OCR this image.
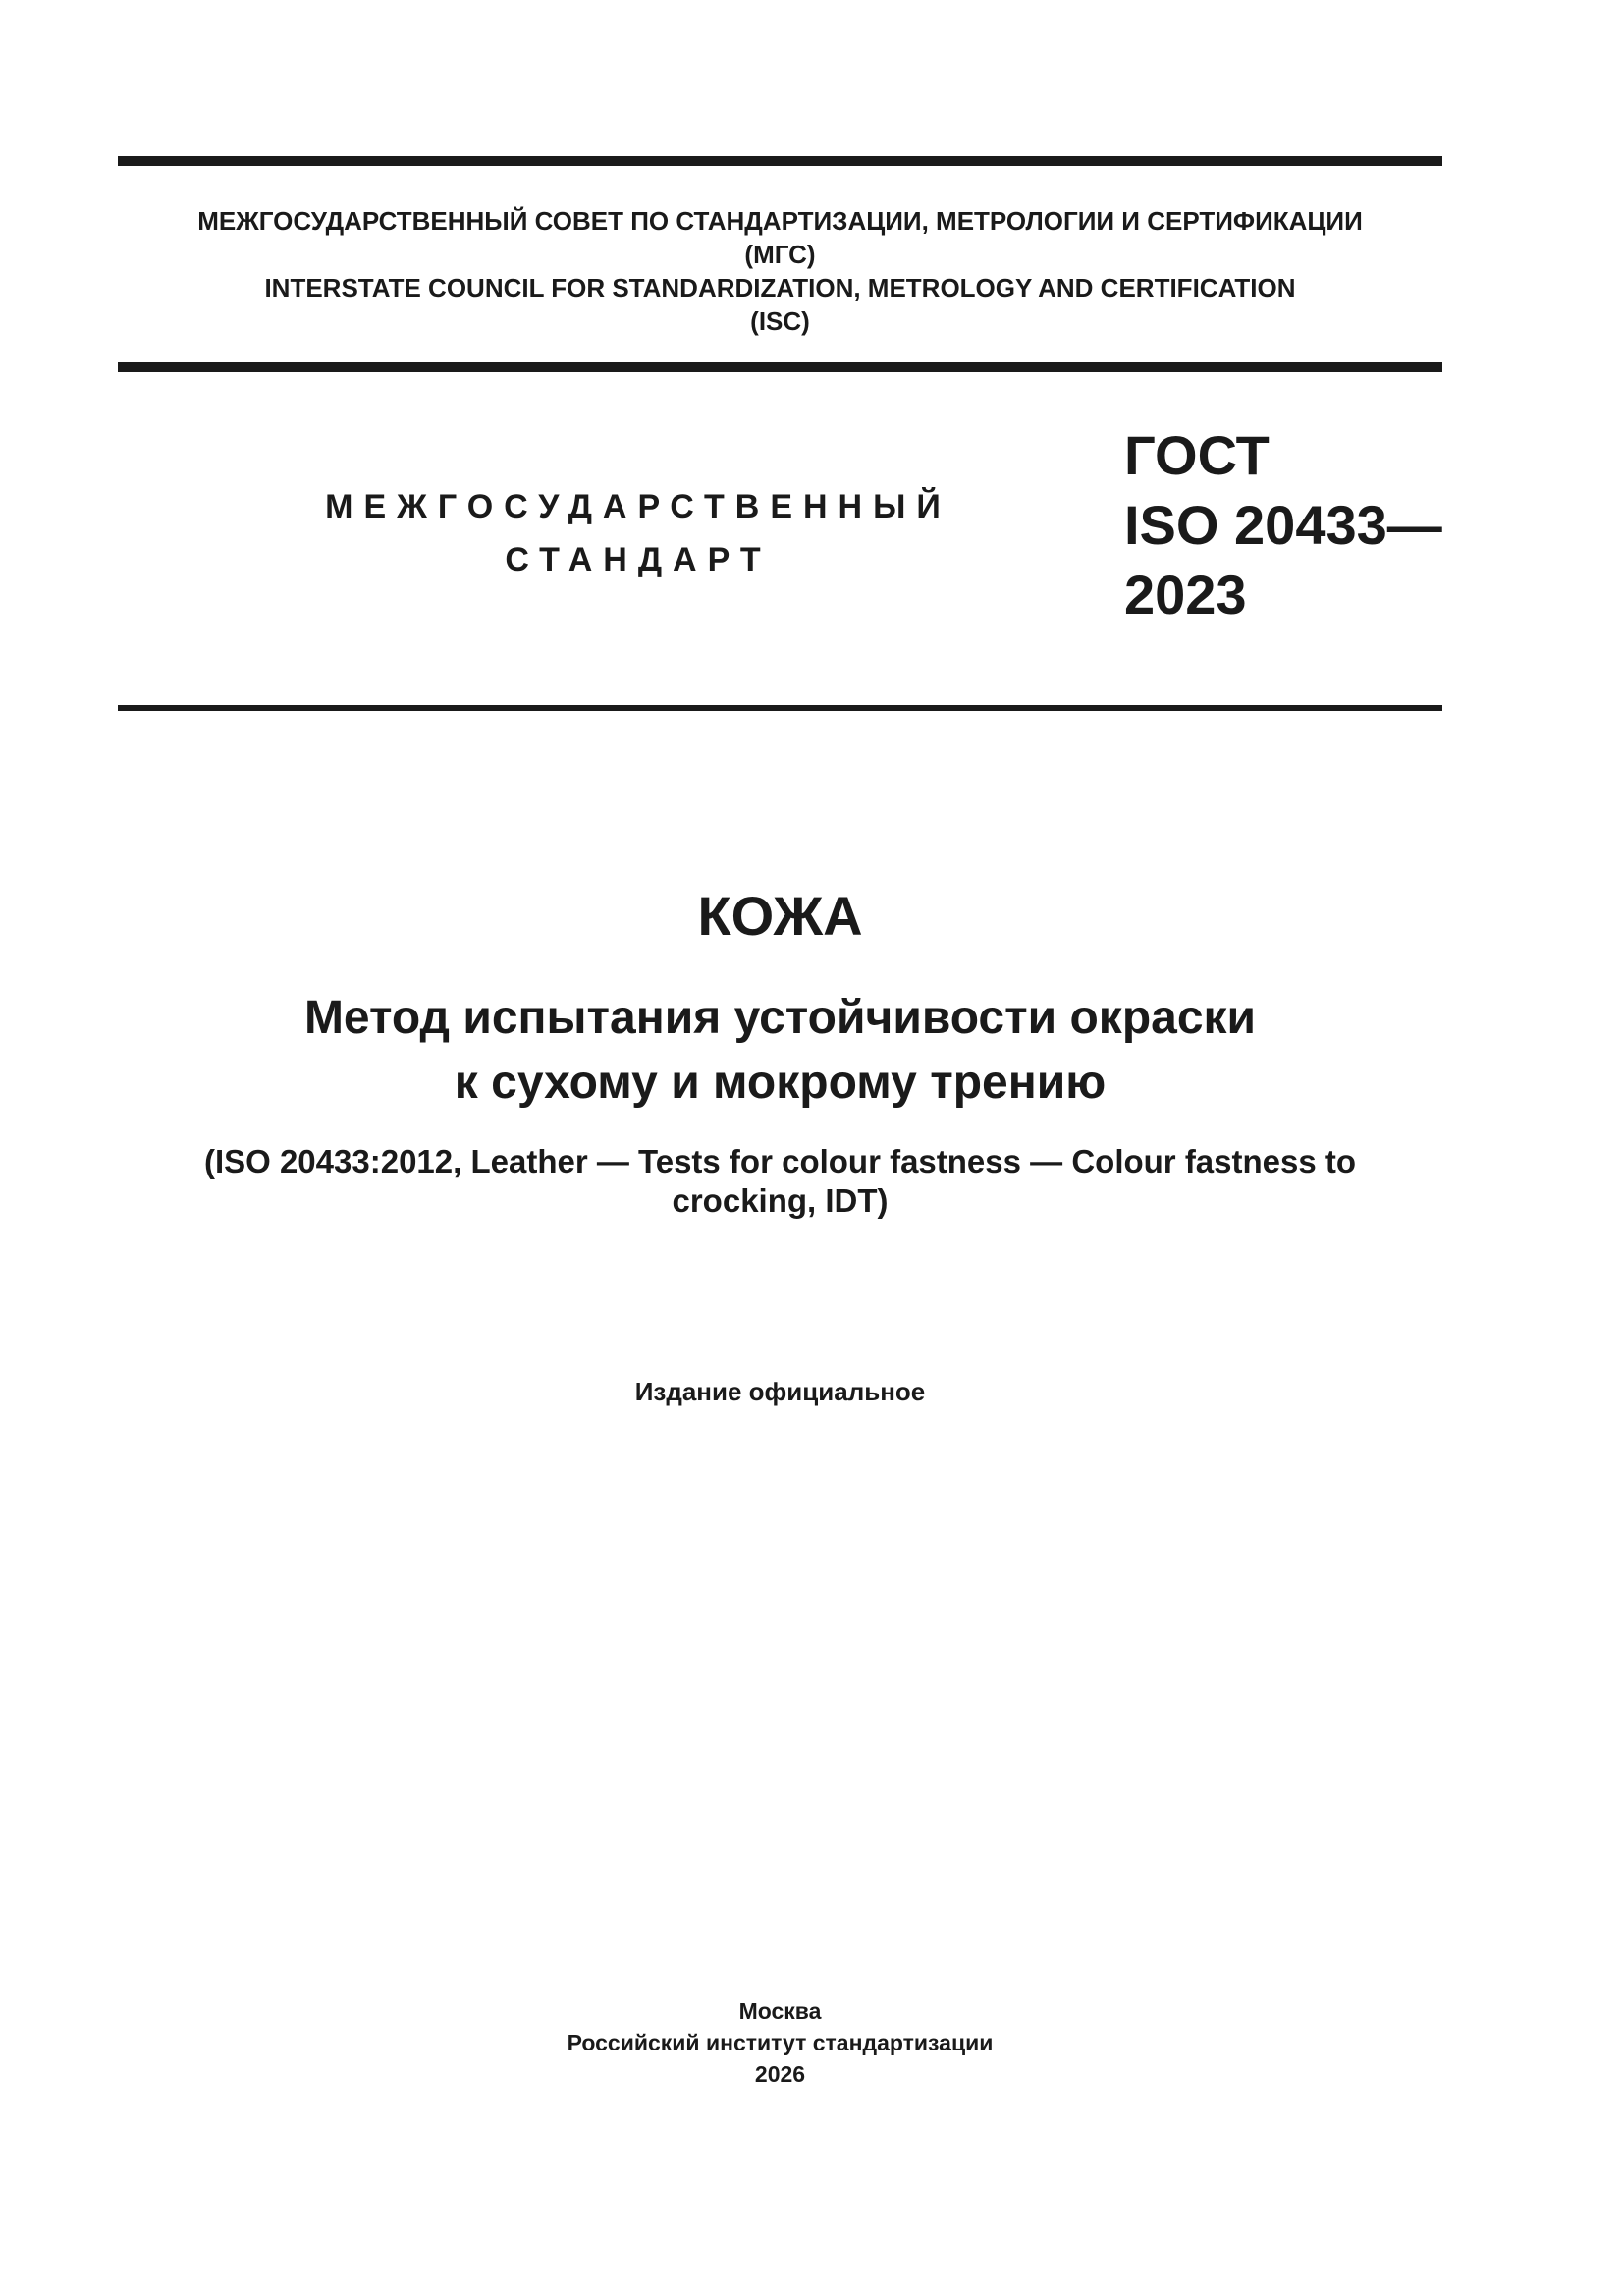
МЕЖГОСУДАРСТВЕННЫЙ СОВЕТ ПО СТАНДАРТИЗАЦИИ, МЕТРОЛОГИИ И СЕРТИФИКАЦИИ
(МГС)
INTERSTATE COUNCIL FOR STANDARDIZATION, METROLOGY AND CERTIFICATION
(ISC)
МЕЖГОСУДАРСТВЕННЫЙ
СТАНДАРТ
ГОСТ
ISO 20433—
2023
КОЖА
Метод испытания устойчивости окраски
к сухому и мокрому трению
(ISO 20433:2012, Leather — Tests for colour fastness — Colour fastness to
crocking, IDT)
Издание официальное
Москва
Российский институт стандартизации
2026
